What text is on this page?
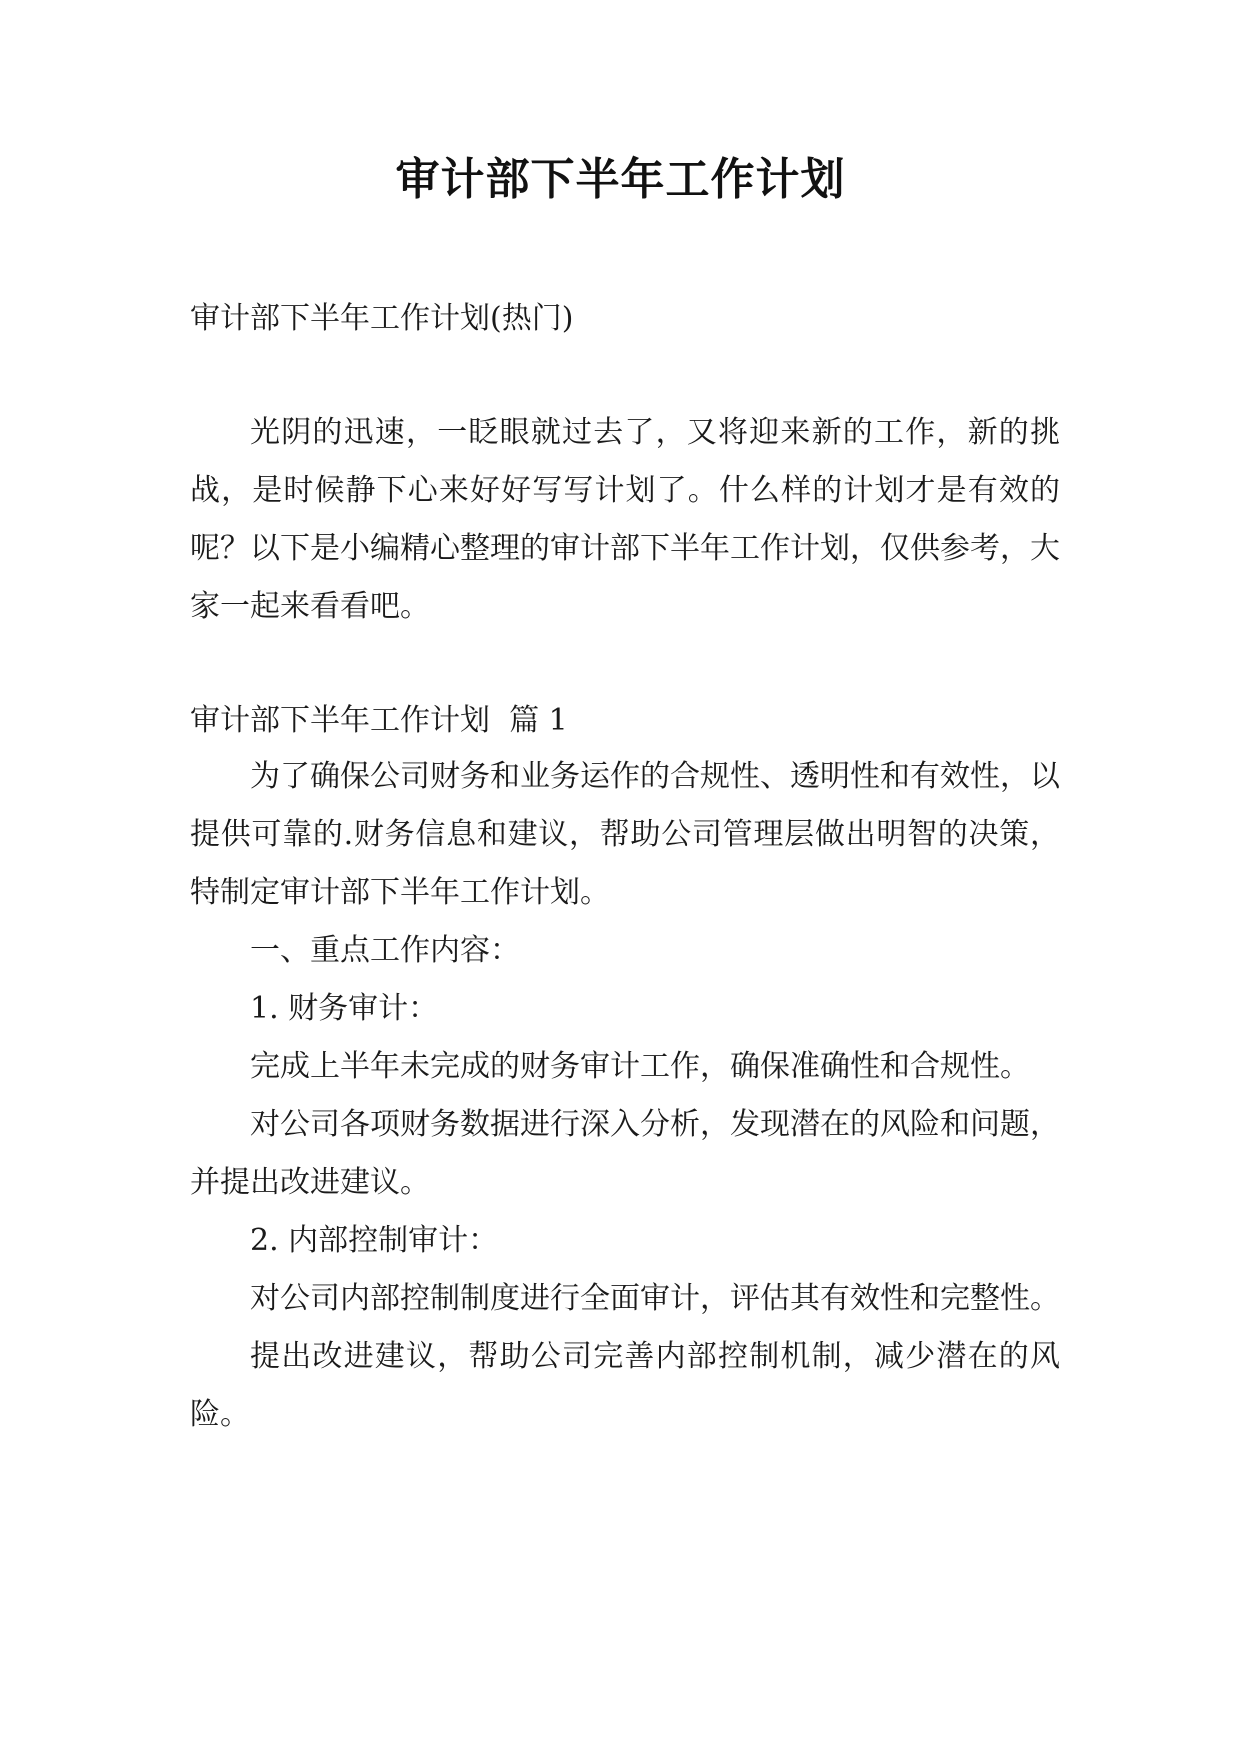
审计部下半年工作计划
审计部下半年工作计划(热门)
光阴的迅速，一眨眼就过去了，又将迎来新的工作，新的挑战，是时候静下心来好好写写计划了。什么样的计划才是有效的呢？以下是小编精心整理的审计部下半年工作计划，仅供参考，大家一起来看看吧。
审计部下半年工作计划  篇 1

为了确保公司财务和业务运作的合规性、透明性和有效性，以提供可靠的.财务信息和建议，帮助公司管理层做出明智的决策，特制定审计部下半年工作计划。

一、重点工作内容：

1. 财务审计：

完成上半年未完成的财务审计工作，确保准确性和合规性。

对公司各项财务数据进行深入分析，发现潜在的风险和问题，并提出改进建议。

2. 内部控制审计：

对公司内部控制制度进行全面审计，评估其有效性和完整性。

提出改进建议，帮助公司完善内部控制机制，减少潜在的风险。
